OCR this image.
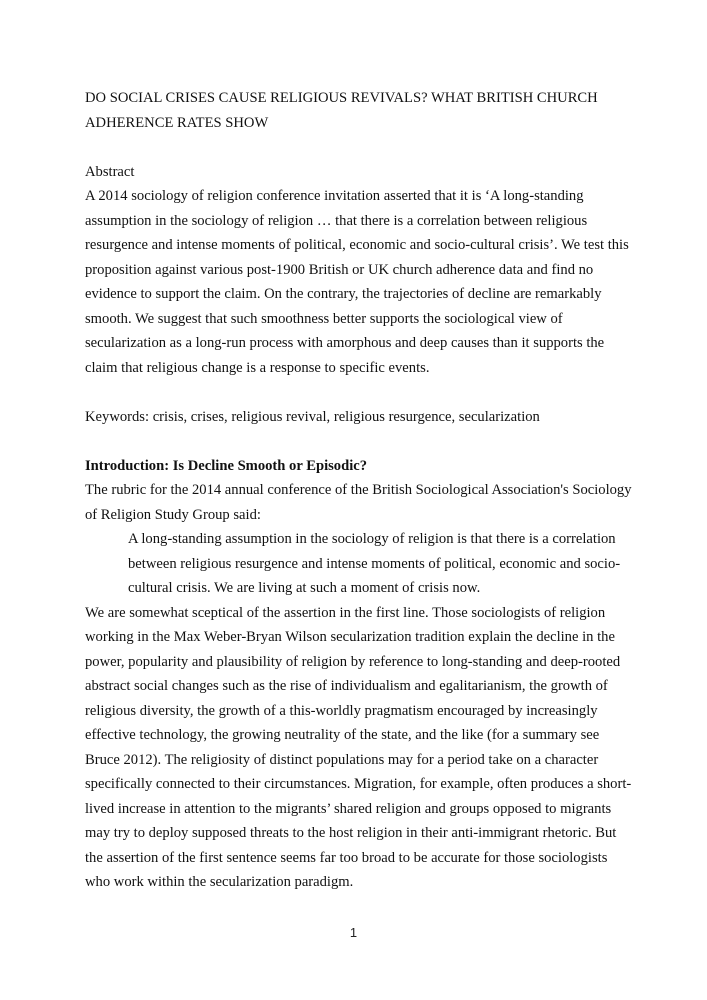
DO SOCIAL CRISES CAUSE RELIGIOUS REVIVALS? WHAT BRITISH CHURCH
ADHERENCE RATES SHOW
Abstract
A 2014 sociology of religion conference invitation asserted that it is ‘A long-standing
assumption in the sociology of religion … that there is a correlation between religious
resurgence and intense moments of political, economic and socio-cultural crisis’. We test this
proposition against various post-1900 British or UK church adherence data and find no
evidence to support the claim. On the contrary, the trajectories of decline are remarkably
smooth. We suggest that such smoothness better supports the sociological view of
secularization as a long-run process with amorphous and deep causes than it supports the
claim that religious change is a response to specific events.
Keywords: crisis, crises, religious revival, religious resurgence, secularization
Introduction: Is Decline Smooth or Episodic?
The rubric for the 2014 annual conference of the British Sociological Association's Sociology
of Religion Study Group said:
A long-standing assumption in the sociology of religion is that there is a correlation
between religious resurgence and intense moments of political, economic and socio-
cultural crisis. We are living at such a moment of crisis now.
We are somewhat sceptical of the assertion in the first line. Those sociologists of religion
working in the Max Weber-Bryan Wilson secularization tradition explain the decline in the
power, popularity and plausibility of religion by reference to long-standing and deep-rooted
abstract social changes such as the rise of individualism and egalitarianism, the growth of
religious diversity, the growth of a this-worldly pragmatism encouraged by increasingly
effective technology, the growing neutrality of the state, and the like (for a summary see
Bruce 2012). The religiosity of distinct populations may for a period take on a character
specifically connected to their circumstances. Migration, for example, often produces a short-
lived increase in attention to the migrants’ shared religion and groups opposed to migrants
may try to deploy supposed threats to the host religion in their anti-immigrant rhetoric. But
the assertion of the first sentence seems far too broad to be accurate for those sociologists
who work within the secularization paradigm.
1
